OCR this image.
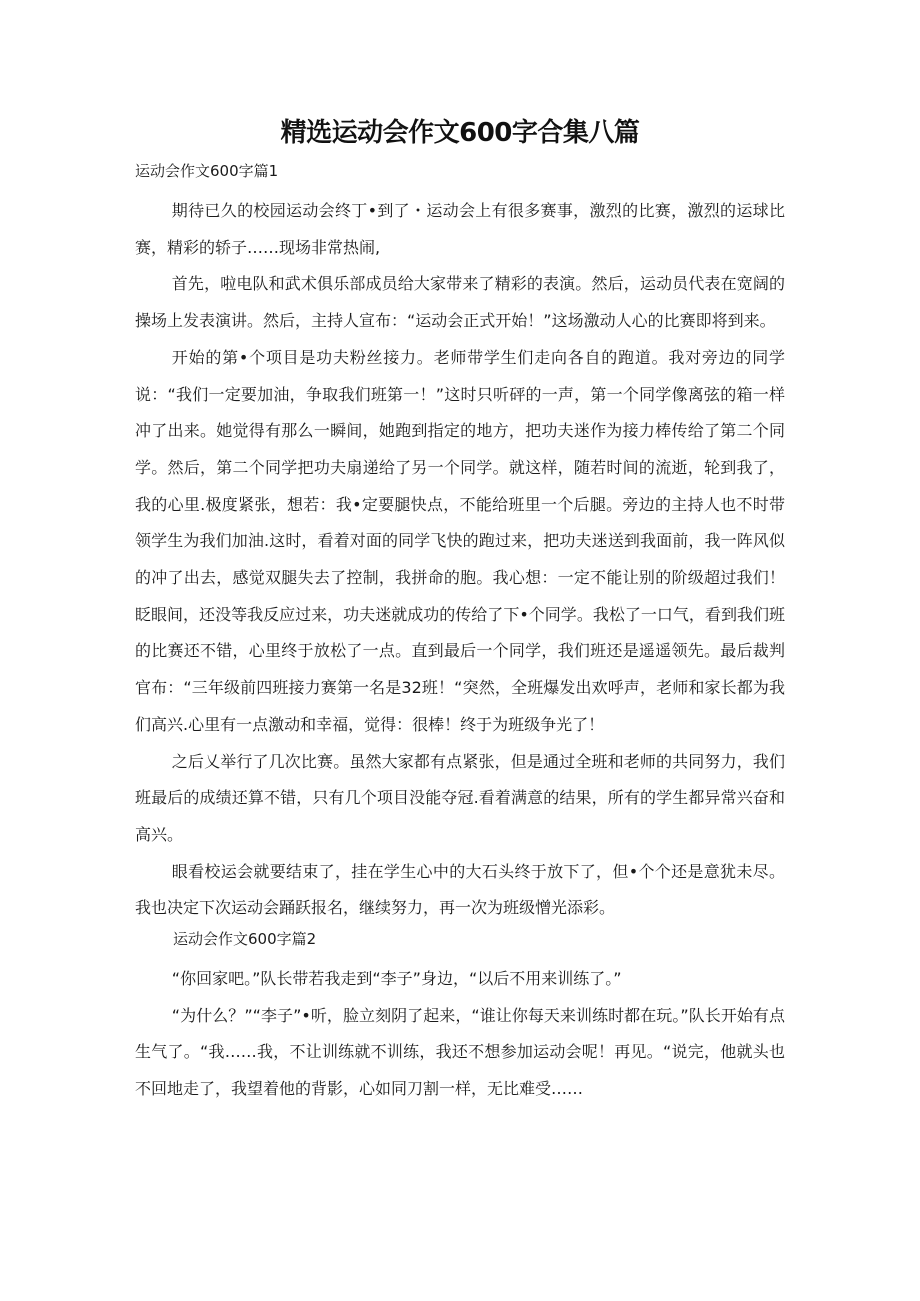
精选运动会作文600字合集八篇
运动会作文600字篇1

期待已久的校园运动会终丁•到了・运动会上有很多赛事，激烈的比赛，激烈的运球比赛，精彩的轿子……现场非常热闹,

首先，啦电队和武术俱乐部成员给大家带来了精彩的表演。然后，运动员代表在宽阔的操场上发表演讲。然后，主持人宣布：“运动会正式开始！”这场激动人心的比赛即将到来。

开始的第•个项目是功夫粉丝接力。老师带学生们走向各自的跑道。我对旁边的同学说：“我们一定要加油，争取我们班第一！”这时只听砰的一声，第一个同学像离弦的箱一样冲了出来。她觉得有那么一瞬间，她跑到指定的地方，把功夫迷作为接力棒传给了第二个同学。然后，第二个同学把功夫扇递给了另一个同学。就这样，随若时间的流逝，轮到我了，我的心里.极度紧张，想若：我•定要腿快点，不能给班里一个后腿。旁边的主持人也不时带领学生为我们加油.这时，看着对面的同学飞快的跑过来，把功夫迷送到我面前，我一阵风似的冲了出去，感觉双腿失去了控制，我拼命的胞。我心想：一定不能让别的阶级超过我们！眨眼间，还没等我反应过来，功夫迷就成功的传给了下•个同学。我松了一口气，看到我们班的比赛还不错，心里终于放松了一点。直到最后一个同学，我们班还是遥遥领先。最后裁判官布：“三年级前四班接力赛第一名是32班！“突然，全班爆发出欢呼声，老师和家长都为我们高兴.心里有一点激动和幸福，觉得：很棒！终于为班级争光了！

之后乂举行了几次比赛。虽然大家都有点紧张，但是通过全班和老师的共同努力，我们班最后的成绩还算不错，只有几个项目没能夺冠.看着满意的结果，所有的学生都异常兴奋和高兴。

眼看校运会就要结束了，挂在学生心中的大石头终于放下了，但•个个还是意犹未尽。我也决定下次运动会踊跃报名，继续努力，再一次为班级憎光添彩。

运动会作文600字篇2

“你回家吧。”队长带若我走到“李子”身边，“以后不用来训练了。”

“为什么？”“李子”•听，脸立刻阴了起来，“谁让你每天来训练时都在玩。”队长开始有点生气了。“我……我，不让训练就不训练，我还不想参加运动会呢！再见。“说完，他就头也不回地走了，我望着他的背影，心如同刀割一样，无比难受……
